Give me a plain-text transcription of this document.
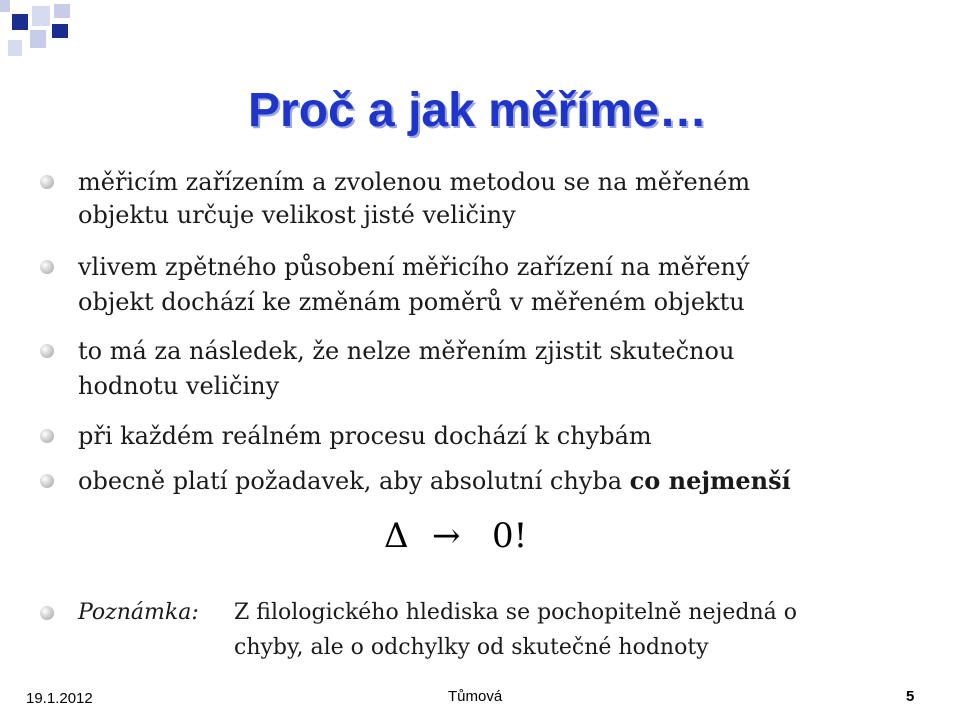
Proč a jak měříme…
měřicím zařízením a zvolenou metodou se na měřeném
objektu určuje velikost jisté veličiny
vlivem zpětného působení měřicího zařízení na měřený
objekt dochází ke změnám poměrů v měřeném objektu
to má za následek, že nelze měřením zjistit skutečnou
hodnotu veličiny
při každém reálném procesu dochází k chybám
obecně platí požadavek, aby absolutní chyba co nejmenší
Δ → 0!
Poznámka: Z filologického hlediska se pochopitelně nejedná o
chyby, ale o odchylky od skutečné hodnoty
19.1.2012	Tůmová	5
